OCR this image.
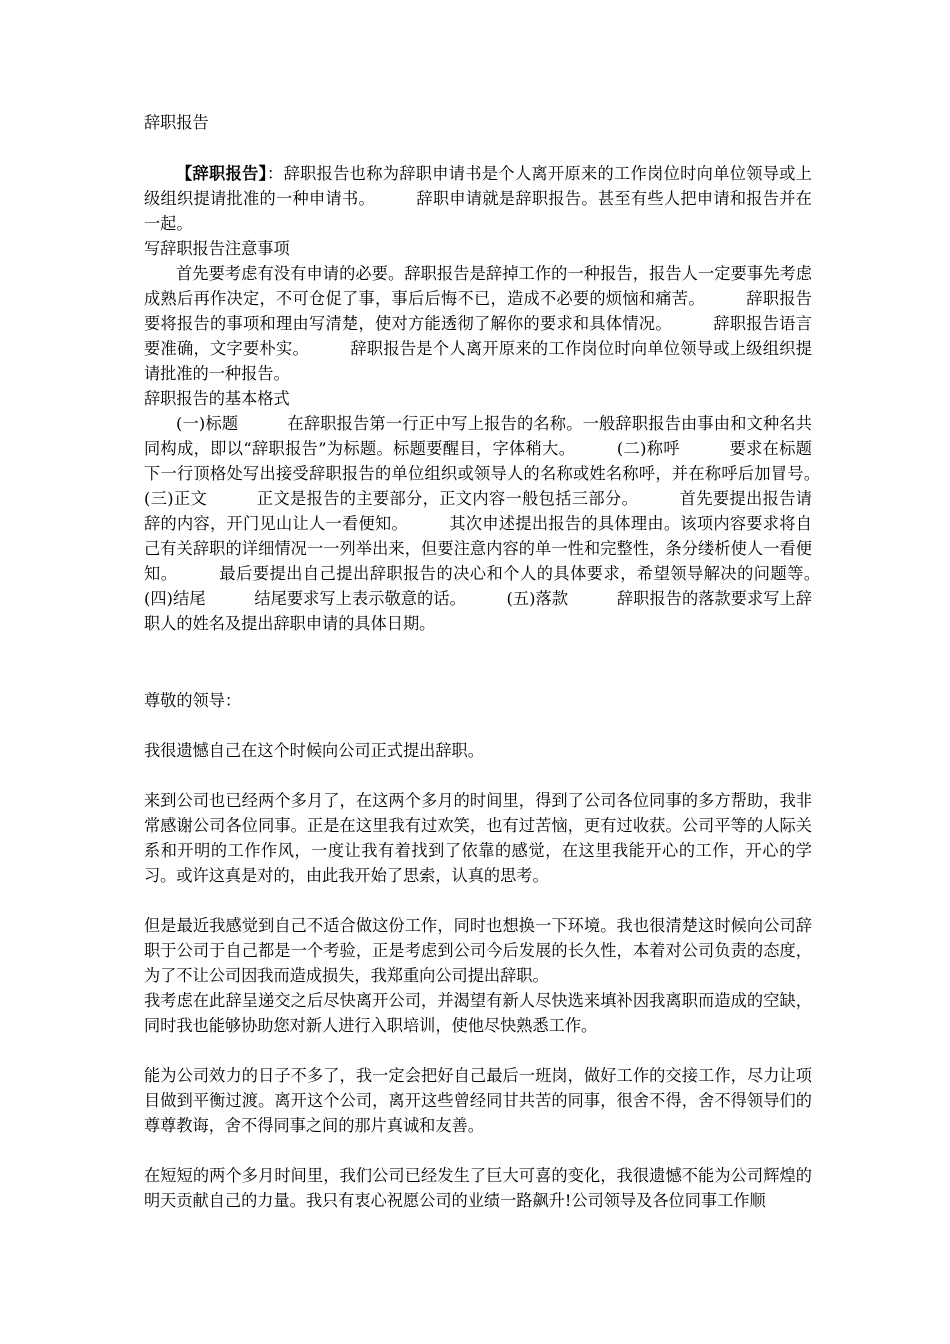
辞职报告

【辞职报告】：辞职报告也称为辞职申请书是个人离开原来的工作岗位时向单位领导或上级组织提请批准的一种申请书。　　　辞职申请就是辞职报告。甚至有些人把申请和报告并在一起。

写辞职报告注意事项

首先要考虑有没有申请的必要。辞职报告是辞掉工作的一种报告，报告人一定要事先考虑成熟后再作决定，不可仓促了事，事后后悔不已，造成不必要的烦恼和痛苦。　　　辞职报告要将报告的事项和理由写清楚，使对方能透彻了解你的要求和具体情况。　　　辞职报告语言要准确，文字要朴实。　　　辞职报告是个人离开原来的工作岗位时向单位领导或上级组织提请批准的一种报告。

辞职报告的基本格式

(一)标题　　　在辞职报告第一行正中写上报告的名称。一般辞职报告由事由和文种名共同构成，即以“辞职报告”为标题。标题要醒目，字体稍大。　　　(二)称呼　　　要求在标题下一行顶格处写出接受辞职报告的单位组织或领导人的名称或姓名称呼，并在称呼后加冒号。　　　(三)正文　　　正文是报告的主要部分，正文内容一般包括三部分。　　　首先要提出报告请辞的内容，开门见山让人一看便知。　　　其次申述提出报告的具体理由。该项内容要求将自己有关辞职的详细情况一一列举出来，但要注意内容的单一性和完整性，条分缕析使人一看便知。　　　最后要提出自己提出辞职报告的决心和个人的具体要求，希望领导解决的问题等。　　　(四)结尾　　　结尾要求写上表示敬意的话。　　　(五)落款　　　辞职报告的落款要求写上辞职人的姓名及提出辞职申请的具体日期。

尊敬的领导：

我很遗憾自己在这个时候向公司正式提出辞职。

来到公司也已经两个多月了，在这两个多月的时间里，得到了公司各位同事的多方帮助，我非常感谢公司各位同事。正是在这里我有过欢笑，也有过苦恼，更有过收获。公司平等的人际关系和开明的工作作风，一度让我有着找到了依靠的感觉，在这里我能开心的工作，开心的学习。或许这真是对的，由此我开始了思索，认真的思考。

但是最近我感觉到自己不适合做这份工作，同时也想换一下环境。我也很清楚这时候向公司辞职于公司于自己都是一个考验，正是考虑到公司今后发展的长久性，本着对公司负责的态度，为了不让公司因我而造成损失，我郑重向公司提出辞职。

我考虑在此辞呈递交之后尽快离开公司，并渴望有新人尽快选来填补因我离职而造成的空缺，同时我也能够协助您对新人进行入职培训，使他尽快熟悉工作。

能为公司效力的日子不多了，我一定会把好自己最后一班岗，做好工作的交接工作，尽力让项目做到平衡过渡。离开这个公司，离开这些曾经同甘共苦的同事，很舍不得，舍不得领导们的尊尊教诲，舍不得同事之间的那片真诚和友善。

在短短的两个多月时间里，我们公司已经发生了巨大可喜的变化，我很遗憾不能为公司辉煌的明天贡献自己的力量。我只有衷心祝愿公司的业绩一路飙升!公司领导及各位同事工作顺
